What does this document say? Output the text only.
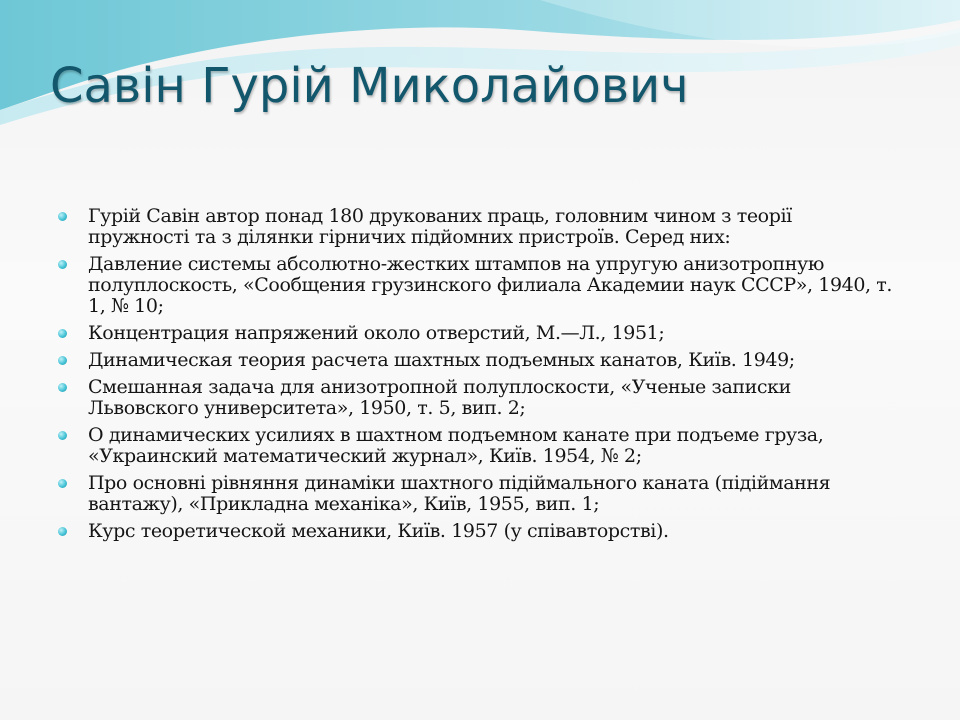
Савін Гурій Миколайович
Гурій Савін автор понад 180 друкованих праць, головним чином з теорії пружності та з ділянки гірничих підйомних пристроїв. Серед них:
Давление системы абсолютно-жестких штампов на упругую анизотропную полуплоскость, «Сообщения грузинского филиала Академии наук СССР», 1940, т. 1, № 10;
Концентрация напряжений около отверстий, М.—Л., 1951;
Динамическая теория расчета шахтных подъемных канатов, Київ. 1949;
Смешанная задача для анизотропной полуплоскости, «Ученые записки Львовского университета», 1950, т. 5, вип. 2;
О динамических усилиях в шахтном подъемном канате при подъеме груза, «Украинский математический журнал», Київ. 1954, № 2;
Про основні рівняння динаміки шахтного підіймального каната (підіймання вантажу), «Прикладна механіка», Київ, 1955, вип. 1;
Курс теоретической механики, Київ. 1957 (у співавторстві).
